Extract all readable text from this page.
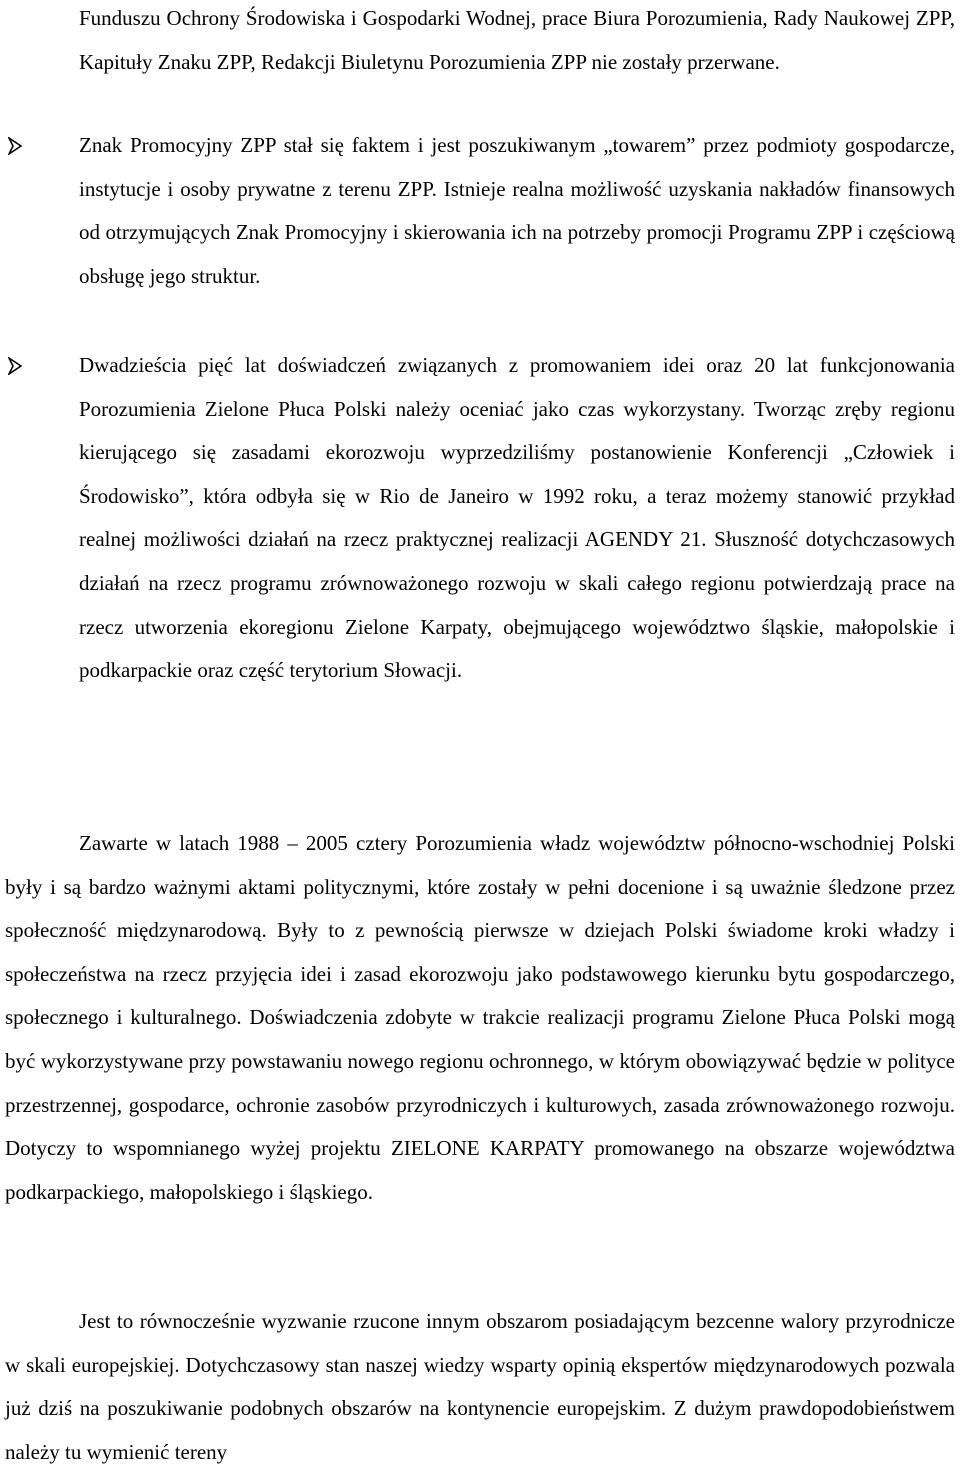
Funduszu Ochrony Środowiska i Gospodarki Wodnej, prace Biura Porozumienia, Rady Naukowej ZPP, Kapituły Znaku ZPP, Redakcji Biuletynu Porozumienia ZPP nie zostały przerwane.

Znak Promocyjny ZPP stał się faktem i jest poszukiwanym „towarem” przez podmioty gospodarcze, instytucje i osoby prywatne z terenu ZPP. Istnieje realna możliwość uzyskania nakładów finansowych od otrzymujących Znak Promocyjny i skierowania ich na potrzeby promocji Programu ZPP i częściową obsługę jego struktur.

Dwadzieścia pięć lat doświadczeń związanych z promowaniem idei oraz 20 lat funkcjonowania Porozumienia Zielone Płuca Polski należy oceniać jako czas wykorzystany. Tworząc zręby regionu kierującego się zasadami ekorozwoju wyprzedziliśmy postanowienie Konferencji „Człowiek i Środowisko”, która odbyła się w Rio de Janeiro w 1992 roku, a teraz możemy stanowić przykład realnej możliwości działań na rzecz praktycznej realizacji AGENDY 21. Słuszność dotychczasowych działań na rzecz programu zrównoważonego rozwoju w skali całego regionu potwierdzają prace na rzecz utworzenia ekoregionu Zielone Karpaty, obejmującego województwo śląskie, małopolskie i podkarpackie oraz część terytorium Słowacji.

Zawarte w latach 1988 – 2005 cztery Porozumienia władz województw północno-wschodniej Polski były i są bardzo ważnymi aktami politycznymi, które zostały w pełni docenione i są uważnie śledzone przez społeczność międzynarodową. Były to z pewnością pierwsze w dziejach Polski świadome kroki władzy i społeczeństwa na rzecz przyjęcia idei i zasad ekorozwoju jako podstawowego kierunku bytu gospodarczego, społecznego i kulturalnego. Doświadczenia zdobyte w trakcie realizacji programu Zielone Płuca Polski mogą być wykorzystywane przy powstawaniu nowego regionu ochronnego, w którym obowiązywać będzie w polityce przestrzennej, gospodarce, ochronie zasobów przyrodniczych i kulturowych, zasada zrównoważonego rozwoju. Dotyczy to wspomnianego wyżej projektu ZIELONE KARPATY promowanego na obszarze województwa podkarpackiego, małopolskiego i śląskiego.

Jest to równocześnie wyzwanie rzucone innym obszarom posiadającym bezcenne walory przyrodnicze w skali europejskiej. Dotychczasowy stan naszej wiedzy wsparty opinią ekspertów międzynarodowych pozwala już dziś na poszukiwanie podobnych obszarów na kontynencie europejskim. Z dużym prawdopodobieństwem należy tu wymienić tereny
